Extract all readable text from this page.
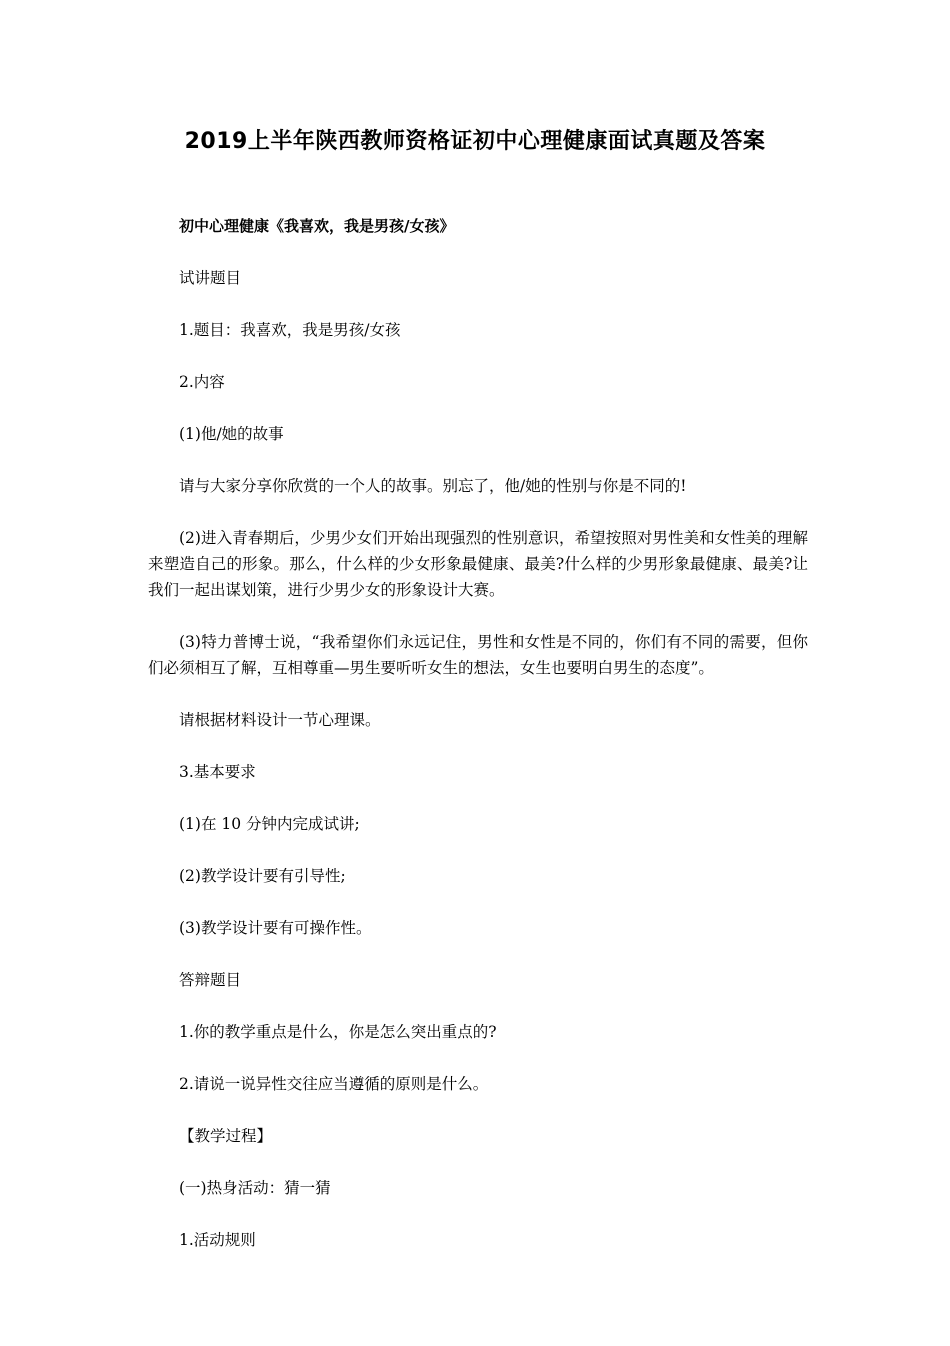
2019上半年陕西教师资格证初中心理健康面试真题及答案

初中心理健康《我喜欢，我是男孩/女孩》

试讲题目

1.题目：我喜欢，我是男孩/女孩

2.内容

(1)他/她的故事

请与大家分享你欣赏的一个人的故事。别忘了，他/她的性别与你是不同的!

(2)进入青春期后，少男少女们开始出现强烈的性别意识，希望按照对男性美和女性美的理解来塑造自己的形象。那么，什么样的少女形象最健康、最美?什么样的少男形象最健康、最美?让我们一起出谋划策，进行少男少女的形象设计大赛。

(3)特力普博士说，“我希望你们永远记住，男性和女性是不同的，你们有不同的需要，但你们必须相互了解，互相尊重—男生要听听女生的想法，女生也要明白男生的态度”。

请根据材料设计一节心理课。

3.基本要求

(1)在 10 分钟内完成试讲;

(2)教学设计要有引导性;

(3)教学设计要有可操作性。

答辩题目

1.你的教学重点是什么，你是怎么突出重点的?

2.请说一说异性交往应当遵循的原则是什么。

【教学过程】

(一)热身活动：猜一猜

1.活动规则
